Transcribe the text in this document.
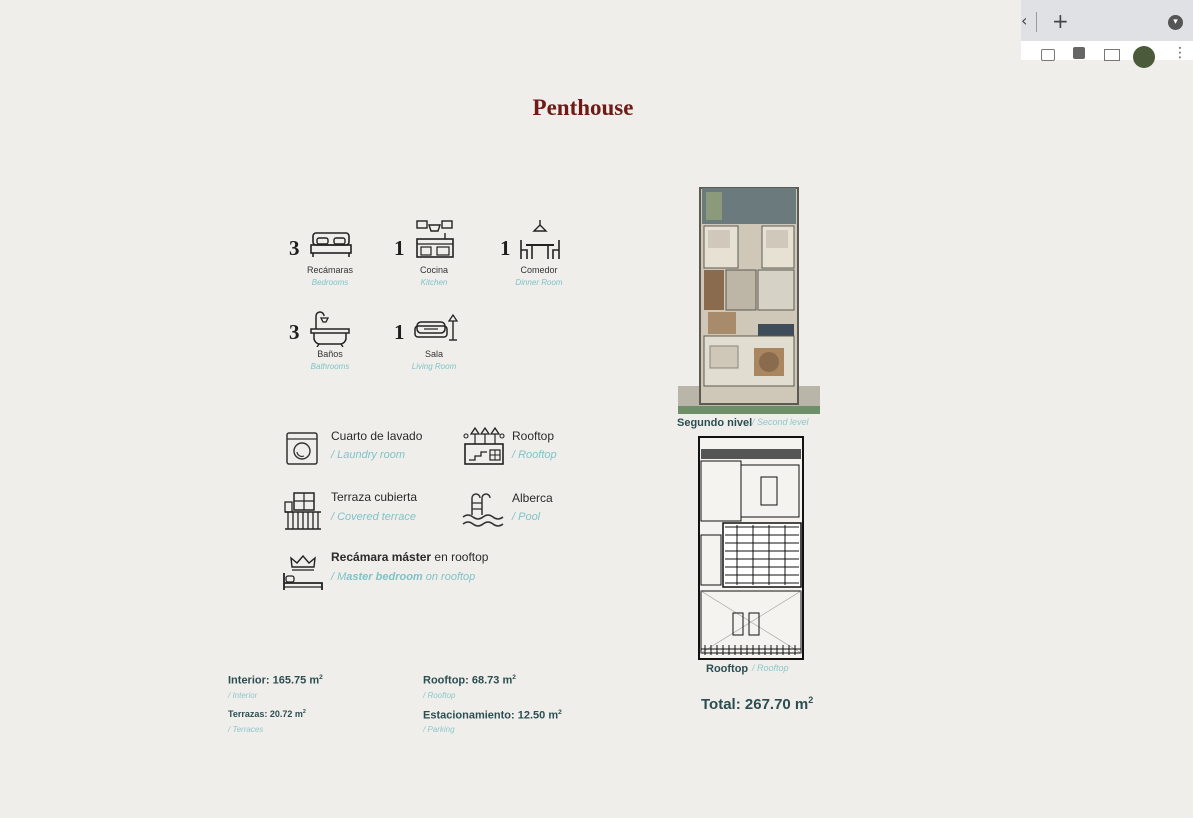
‹ +	▾
⋮
Penthouse
3
Recámaras
Bedrooms
1
Cocina
Kitchen
1
Comedor
Dinner Room
3
Baños
Bathrooms
1
Sala
Living Room
Cuarto de lavado
/ Laundry room
Rooftop
/ Rooftop
Terraza cubierta
/ Covered terrace
Alberca
/ Pool
Recámara máster en rooftop
/ Master bedroom on rooftop
Interior: 165.75 $m^2$
/ Interior
Terrazas: 20.72 $m^2$
/ Terraces
Rooftop: 68.73 $m^2$
/ Rooftop
Estacionamiento: 12.50 $m^2$
/ Parking
Segundo nivel / Second level
Rooftop / Rooftop
Total: 267.70 $m^2$
